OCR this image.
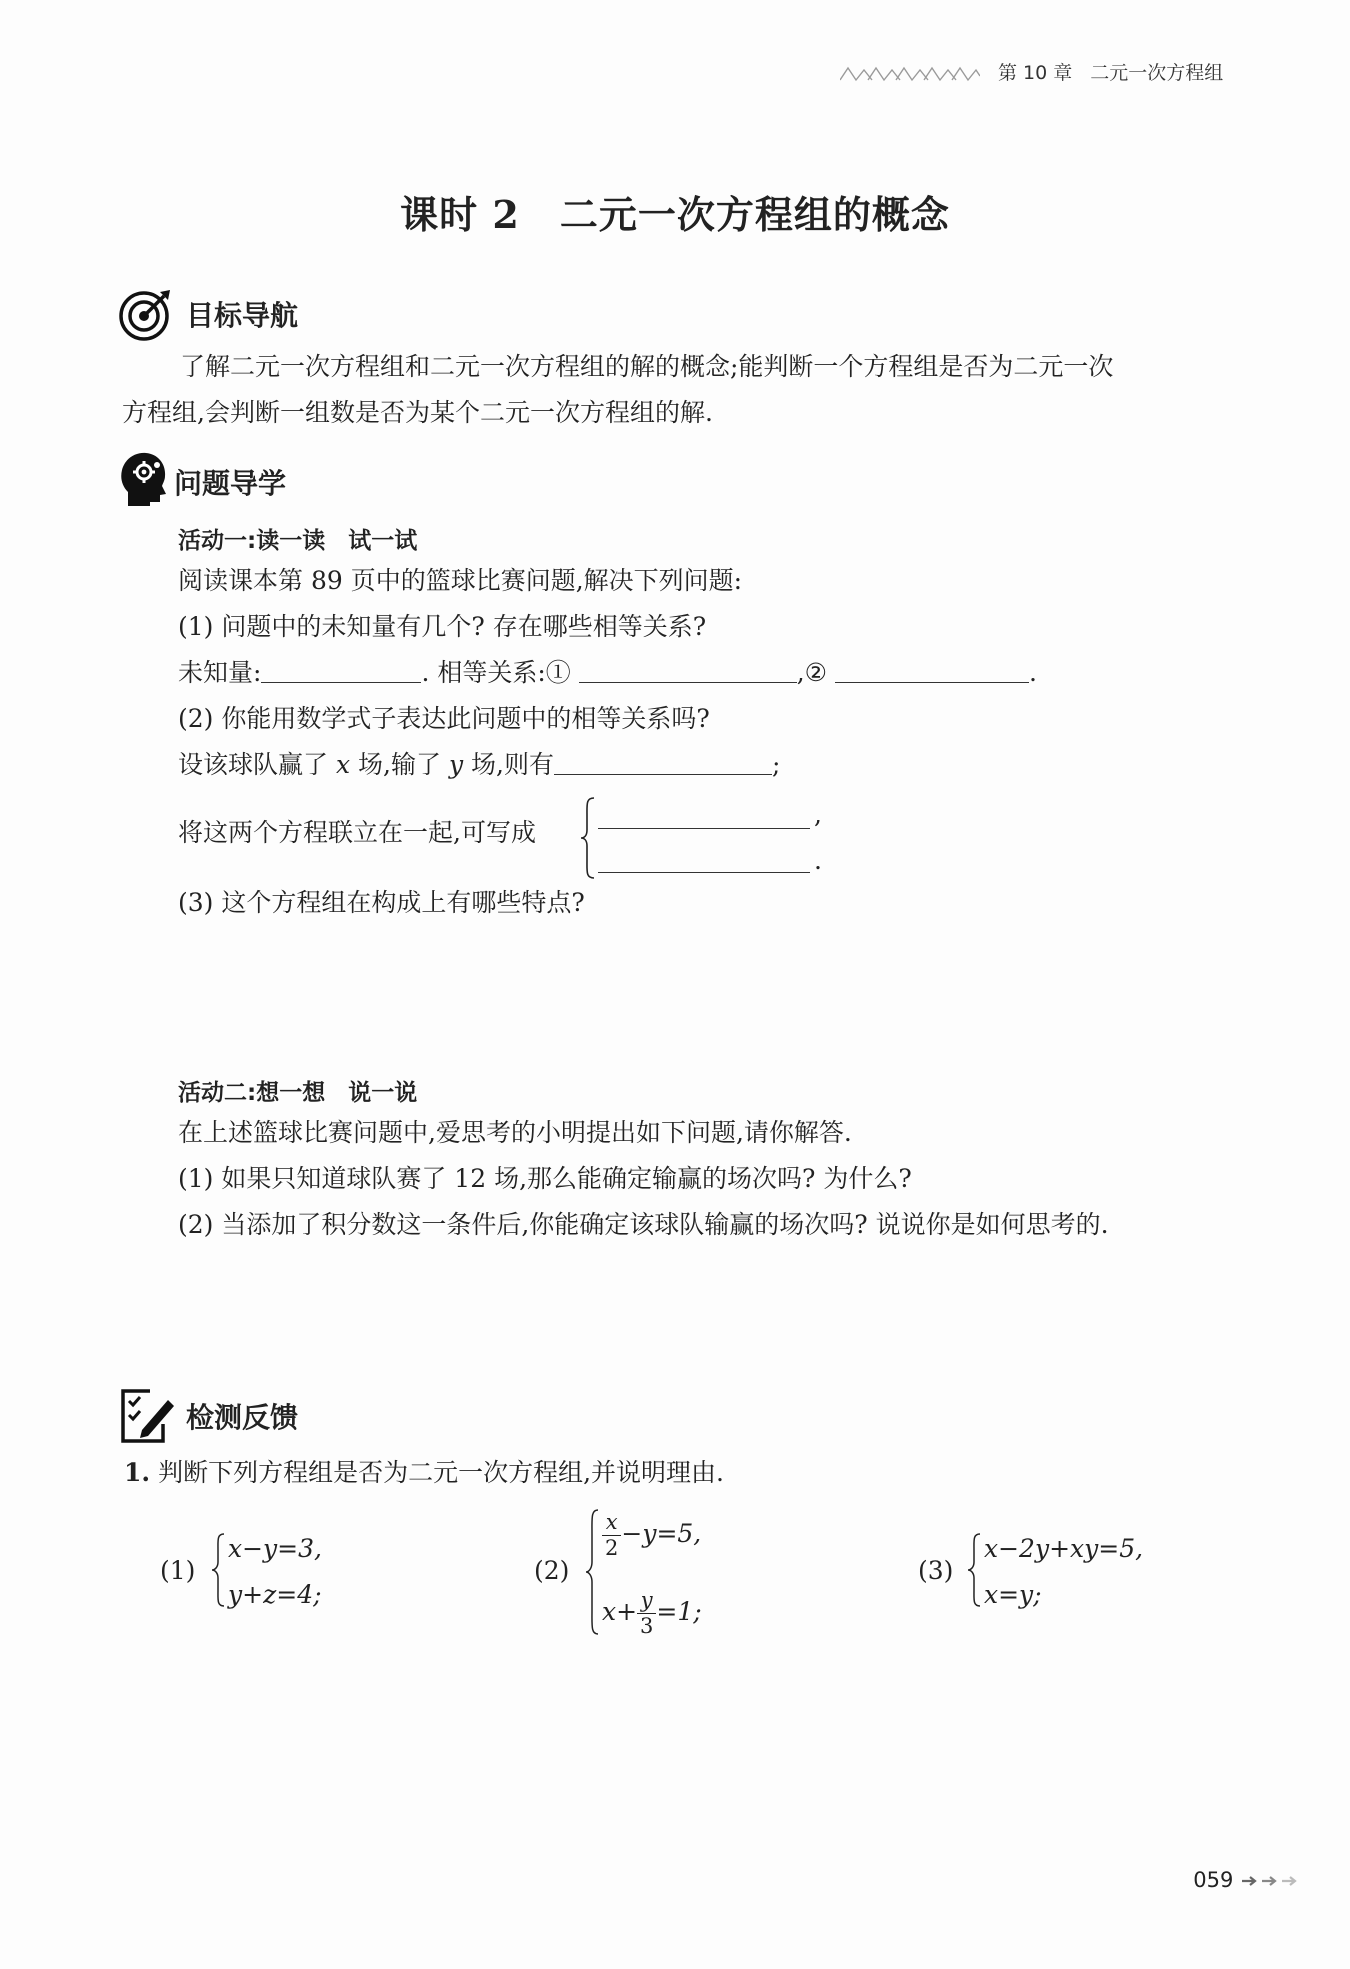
第 10 章 二元一次方程组
课时 2 二元一次方程组的概念
目标导航
了解二元一次方程组和二元一次方程组的解的概念;能判断一个方程组是否为二元一次
方程组,会判断一组数是否为某个二元一次方程组的解.
问题导学
活动一:读一读　试一试
阅读课本第 89 页中的篮球比赛问题,解决下列问题:
(1) 问题中的未知量有几个? 存在哪些相等关系?
未知量:	. 相等关系:①	,②	.
(2) 你能用数学式子表达此问题中的相等关系吗?
设该球队赢了 x 场,输了 y 场,则有	;
将这两个方程联立在一起,可写成
,
.
(3) 这个方程组在构成上有哪些特点?
活动二:想一想　说一说
在上述篮球比赛问题中,爱思考的小明提出如下问题,请你解答.
(1) 如果只知道球队赛了 12 场,那么能确定输赢的场次吗? 为什么?
(2) 当添加了积分数这一条件后,你能确定该球队输赢的场次吗? 说说你是如何思考的.
检测反馈
1. 判断下列方程组是否为二元一次方程组,并说明理由.
(1)
x−y=3,
y+z=4;
(2)
$\frac{x}{2} -y=5$,
$x+ \frac{y}{3} =1$;
(3)
x−2y+xy=5,
x=y;
059
